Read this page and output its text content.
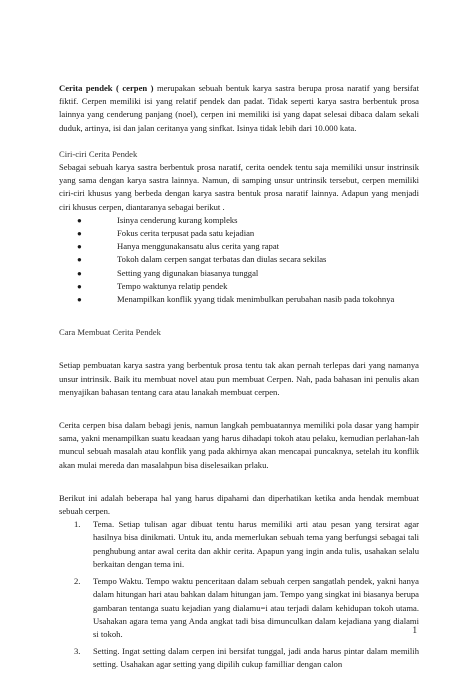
Cerita pendek ( cerpen ) merupakan sebuah bentuk karya sastra berupa prosa naratif yang bersifat fiktif. Cerpen memiliki isi yang relatif pendek dan padat. Tidak seperti karya sastra berbentuk prosa lainnya yang cenderung panjang (noel), cerpen ini memiliki isi yang dapat selesai dibaca dalam sekali duduk, artinya, isi dan jalan ceritanya yang sinfkat. Isinya tidak lebih dari 10.000 kata.

Ciri-ciri Cerita Pendek

Sebagai sebuah karya sastra berbentuk prosa naratif, cerita oendek tentu saja memiliki unsur instrinsik yang sama dengan karya sastra lainnya. Namun, di samping unsur untrinsik tersebut, cerpen memiliki ciri-ciri khusus yang berbeda dengan karya sastra bentuk prosa naratif lainnya. Adapun yang menjadi ciri khusus cerpen, diantaranya sebagai berikut .

●	Isinya cenderung kurang kompleks
●	Fokus cerita terpusat pada satu kejadian
●	Hanya menggunakansatu alus cerita yang rapat
●	Tokoh dalam cerpen sangat terbatas dan diulas secara sekilas
●	Setting yang digunakan biasanya tunggal
●	Tempo waktunya relatip pendek
●	Menampilkan konflik yyang tidak menimbulkan perubahan nasib pada tokohnya

Cara Membuat Cerita Pendek

Setiap pembuatan karya sastra yang berbentuk prosa tentu tak akan pernah terlepas dari yang namanya unsur intrinsik. Baik itu membuat novel atau pun membuat Cerpen. Nah, pada bahasan ini penulis akan menyajikan bahasan tentang cara atau lanakah membuat cerpen.

Cerita cerpen bisa dalam bebagi jenis, namun langkah pembuatannya memiliki pola dasar yang hampir sama, yakni menampilkan suatu keadaan yang harus dihadapi tokoh atau pelaku, kemudian perlahan-lah muncul sebuah masalah atau konflik yang pada akhirnya akan mencapai puncaknya, setelah itu konflik akan mulai mereda dan masalahpun bisa diselesaikan prlaku.

Berikut ini adalah beberapa hal yang harus dipahami dan diperhatikan ketika anda hendak membuat sebuah cerpen.

1. Tema. Setiap tulisan agar dibuat tentu harus memiliki arti atau pesan yang tersirat agar hasilnya bisa dinikmati. Untuk itu, anda memerlukan sebuah tema yang berfungsi sebagai tali penghubung antar awal cerita dan akhir cerita. Apapun yang ingin anda tulis, usahakan selalu berkaitan dengan tema ini.
2. Tempo Waktu. Tempo waktu penceritaan dalam sebuah cerpen sangatlah pendek, yakni hanya dalam hitungan hari atau bahkan dalam hitungan jam. Tempo yang singkat ini biasanya berupa gambaran tentanga suatu kejadian yang dialamu=i atau terjadi dalam kehidupan tokoh utama. Usahakan agara tema yang Anda angkat tadi bisa dimunculkan dalam kejadiana yang dialami si tokoh.
3. Setting. Ingat setting dalam cerpen ini bersifat tunggal, jadi anda harus pintar dalam memilih setting. Usahakan agar setting yang dipilih cukup familliar dengan calon
1
